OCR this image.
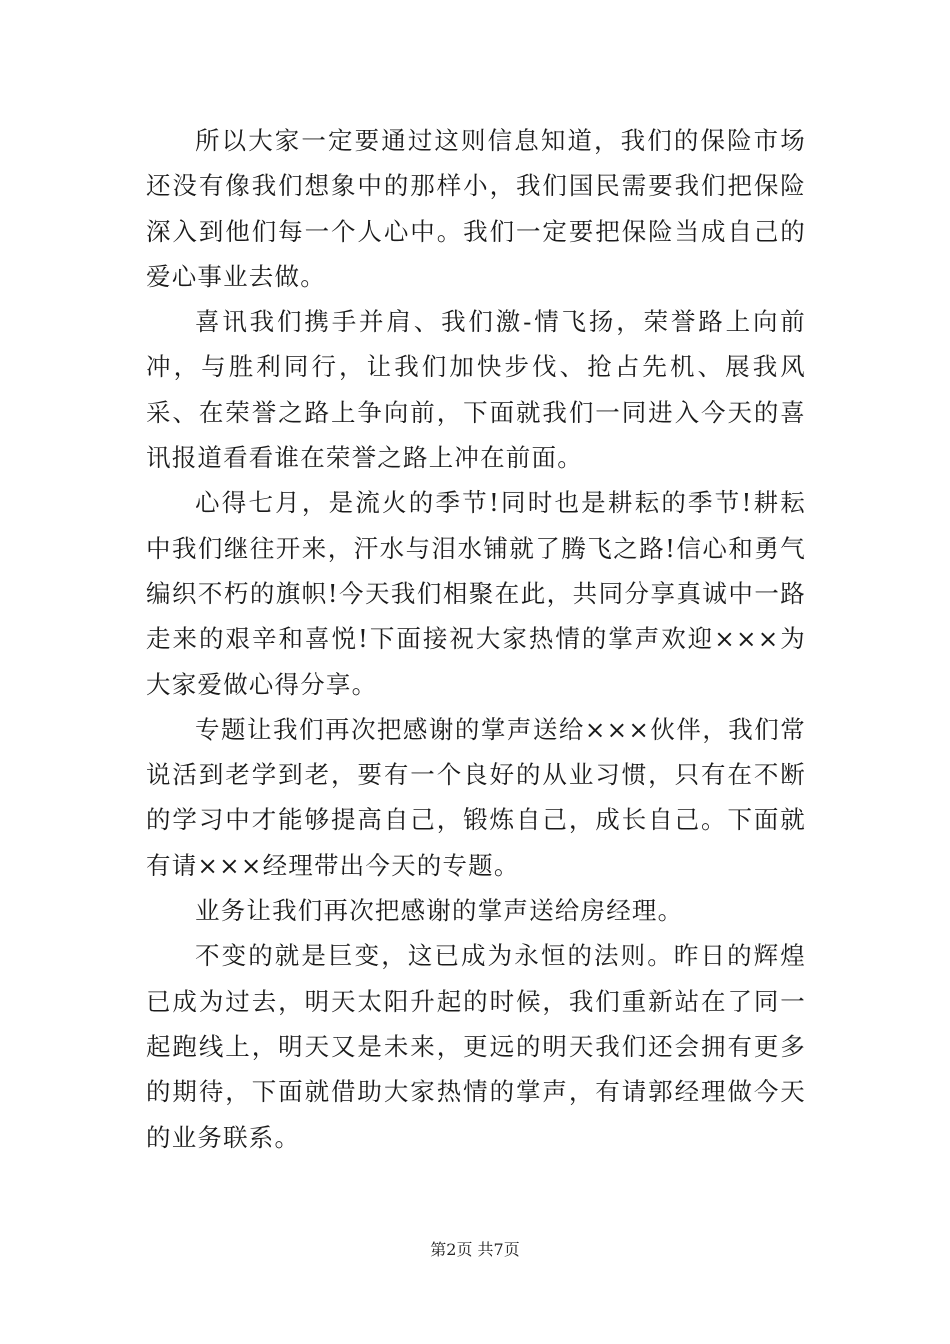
所以大家一定要通过这则信息知道，我们的保险市场还没有像我们想象中的那样小，我们国民需要我们把保险深入到他们每一个人心中。我们一定要把保险当成自己的爱心事业去做。

喜讯我们携手并肩、我们激-情飞扬，荣誉路上向前冲，与胜利同行，让我们加快步伐、抢占先机、展我风采、在荣誉之路上争向前，下面就我们一同进入今天的喜讯报道看看谁在荣誉之路上冲在前面。

心得七月，是流火的季节!同时也是耕耘的季节!耕耘中我们继往开来，汗水与泪水铺就了腾飞之路!信心和勇气编织不朽的旗帜!今天我们相聚在此，共同分享真诚中一路走来的艰辛和喜悦!下面接祝大家热情的掌声欢迎×××为大家爱做心得分享。

专题让我们再次把感谢的掌声送给×××伙伴，我们常说活到老学到老，要有一个良好的从业习惯，只有在不断的学习中才能够提高自己，锻炼自己，成长自己。下面就有请×××经理带出今天的专题。

业务让我们再次把感谢的掌声送给房经理。

不变的就是巨变，这已成为永恒的法则。昨日的辉煌已成为过去，明天太阳升起的时候，我们重新站在了同一起跑线上，明天又是未来，更远的明天我们还会拥有更多的期待，下面就借助大家热情的掌声，有请郭经理做今天的业务联系。

第2页 共7页
